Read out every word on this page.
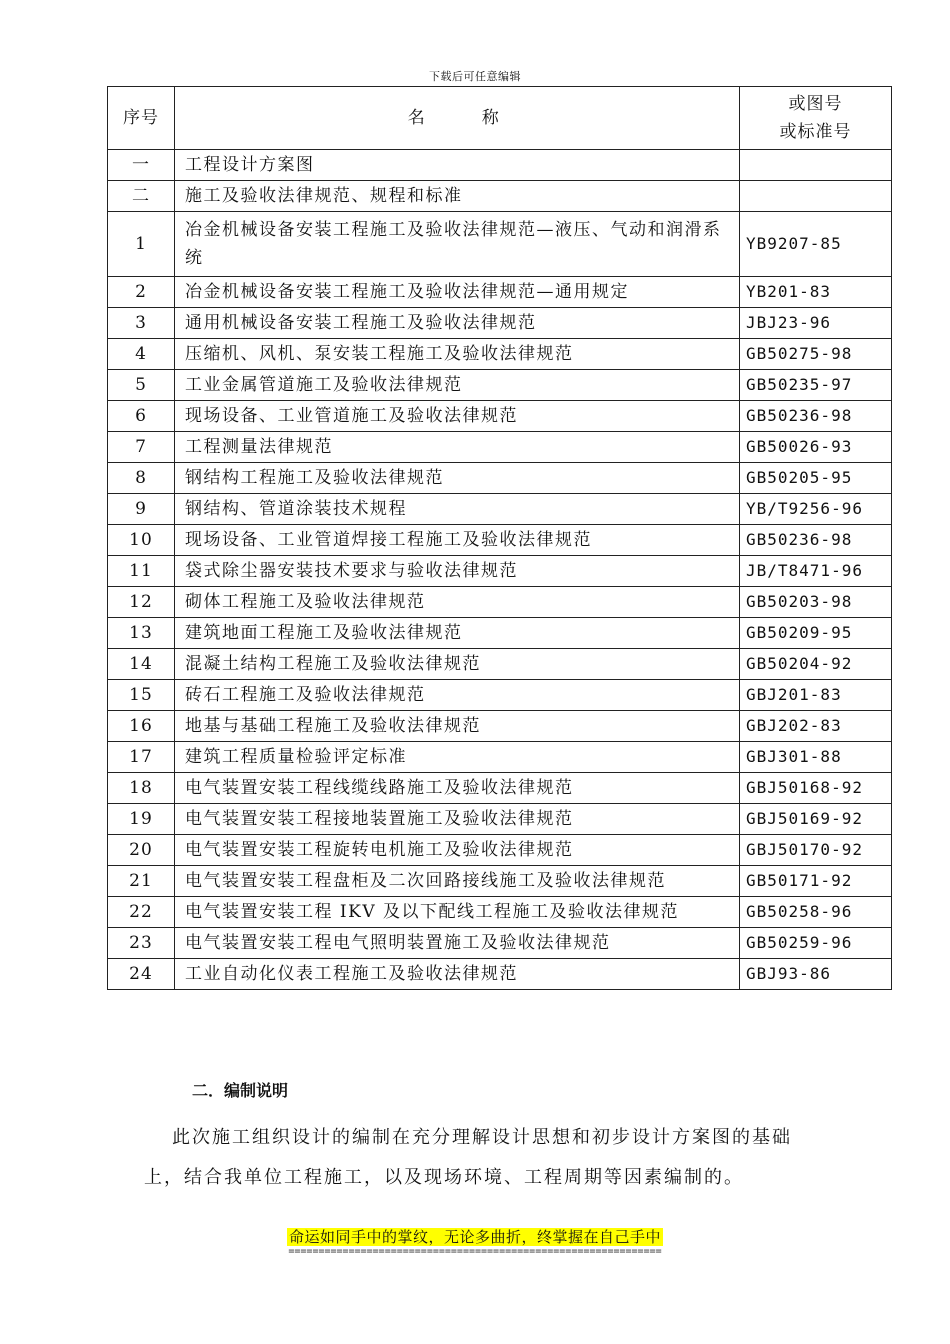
下载后可任意编辑
序号	名　　　称	或图号
或标准号

一	工程设计方案图	
二	施工及验收法律规范、规程和标准	
1	冶金机械设备安装工程施工及验收法律规范—液压、气动和润滑系统	YB9207-85
2	冶金机械设备安装工程施工及验收法律规范—通用规定	YB201-83
3	通用机械设备安装工程施工及验收法律规范	JBJ23-96
4	压缩机、风机、泵安装工程施工及验收法律规范	GB50275-98
5	工业金属管道施工及验收法律规范	GB50235-97
6	现场设备、工业管道施工及验收法律规范	GB50236-98
7	工程测量法律规范	GB50026-93
8	钢结构工程施工及验收法律规范	GB50205-95
9	钢结构、管道涂装技术规程	YB/T9256-96
10	现场设备、工业管道焊接工程施工及验收法律规范	GB50236-98
11	袋式除尘器安装技术要求与验收法律规范	JB/T8471-96
12	砌体工程施工及验收法律规范	GB50203-98
13	建筑地面工程施工及验收法律规范	GB50209-95
14	混凝土结构工程施工及验收法律规范	GB50204-92
15	砖石工程施工及验收法律规范	GBJ201-83
16	地基与基础工程施工及验收法律规范	GBJ202-83
17	建筑工程质量检验评定标准	GBJ301-88
18	电气装置安装工程线缆线路施工及验收法律规范	GBJ50168-92
19	电气装置安装工程接地装置施工及验收法律规范	GBJ50169-92
20	电气装置安装工程旋转电机施工及验收法律规范	GBJ50170-92
21	电气装置安装工程盘柜及二次回路接线施工及验收法律规范	GB50171-92
22	电气装置安装工程 IKV 及以下配线工程施工及验收法律规范	GB50258-96
23	电气装置安装工程电气照明装置施工及验收法律规范	GB50259-96
24	工业自动化仪表工程施工及验收法律规范	GBJ93-86
二．编制说明
此次施工组织设计的编制在充分理解设计思想和初步设计方案图的基础
上，结合我单位工程施工，以及现场环境、工程周期等因素编制的。
命运如同手中的掌纹，无论多曲折，终掌握在自己手中
==============================================================
